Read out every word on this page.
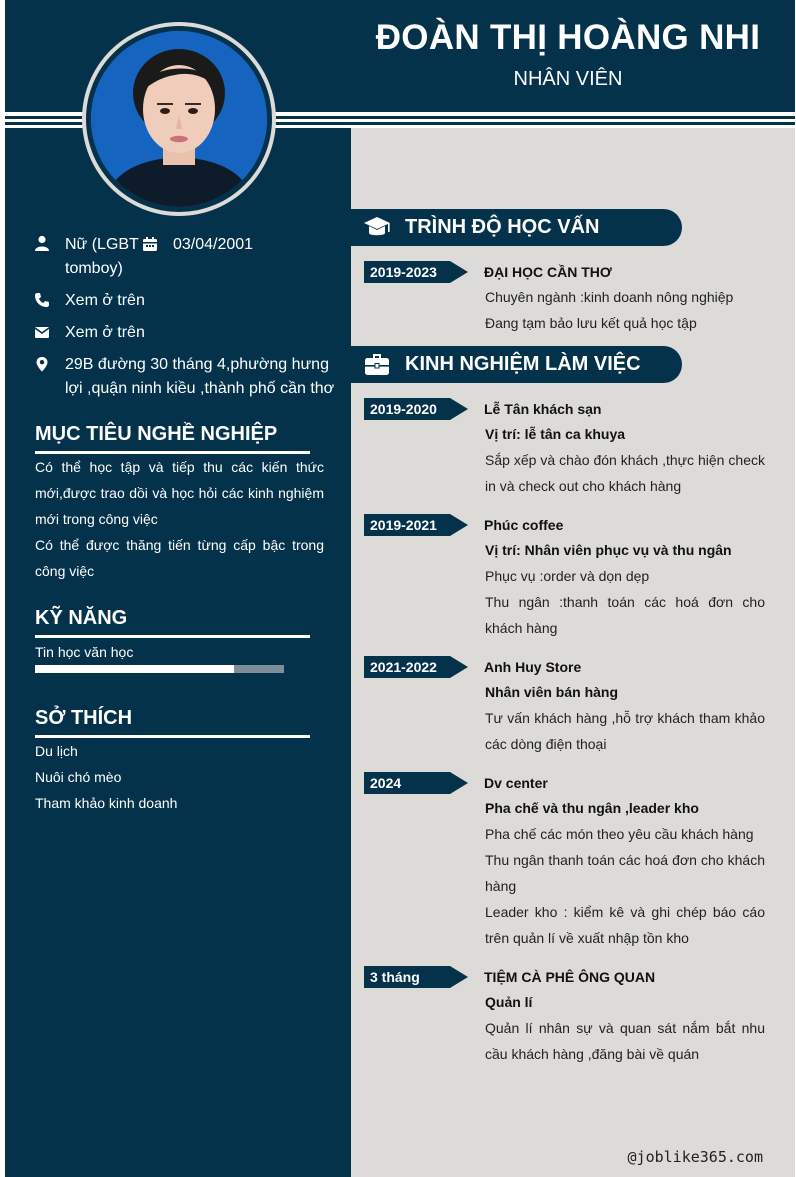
ĐOÀN THỊ HOÀNG NHI
NHÂN VIÊN
Nữ (LGBT 03/04/2001
tomboy)
Xem ở trên
Xem ở trên
29B đường 30 tháng 4,phường hưng
lợi ,quận ninh kiều ,thành phố cần thơ
MỤC TIÊU NGHỀ NGHIỆP
Có thể học tập và tiếp thu các kiến thức mới,được trao dồi và học hỏi các kinh nghiệm mới trong công việc
Có thể được thăng tiến từng cấp bậc trong công việc
KỸ NĂNG
Tin học văn học
SỞ THÍCH
Du lịch
Nuôi chó mèo
Tham khảo kinh doanh
TRÌNH ĐỘ HỌC VẤN
2019-2023	ĐẠI HỌC CẦN THƠ
Chuyên ngành :kinh doanh nông nghiệp
Đang tạm bảo lưu kết quả học tập
KINH NGHIỆM LÀM VIỆC
2019-2020	Lễ Tân khách sạn
Vị trí: lễ tân ca khuya
Sắp xếp và chào đón khách ,thực hiện check in và check out cho khách hàng
2019-2021	Phúc coffee
Vị trí: Nhân viên phục vụ và thu ngân
Phục vụ :order và dọn dẹp
Thu ngân :thanh toán các hoá đơn cho khách hàng
2021-2022	Anh Huy Store
Nhân viên bán hàng
Tư vấn khách hàng ,hỗ trợ khách tham khảo các dòng điện thoại
2024	Dv center
Pha chế và thu ngân ,leader kho
Pha chế các món theo yêu cầu khách hàng
Thu ngân thanh toán các hoá đơn cho khách hàng
Leader kho : kiểm kê và ghi chép báo cáo trên quản lí về xuất nhập tồn kho
3 tháng	TIỆM CÀ PHÊ ÔNG QUAN
Quản lí
Quản lí nhân sự và quan sát nắm bắt nhu cầu khách hàng ,đăng bài về quán
@joblike365.com
